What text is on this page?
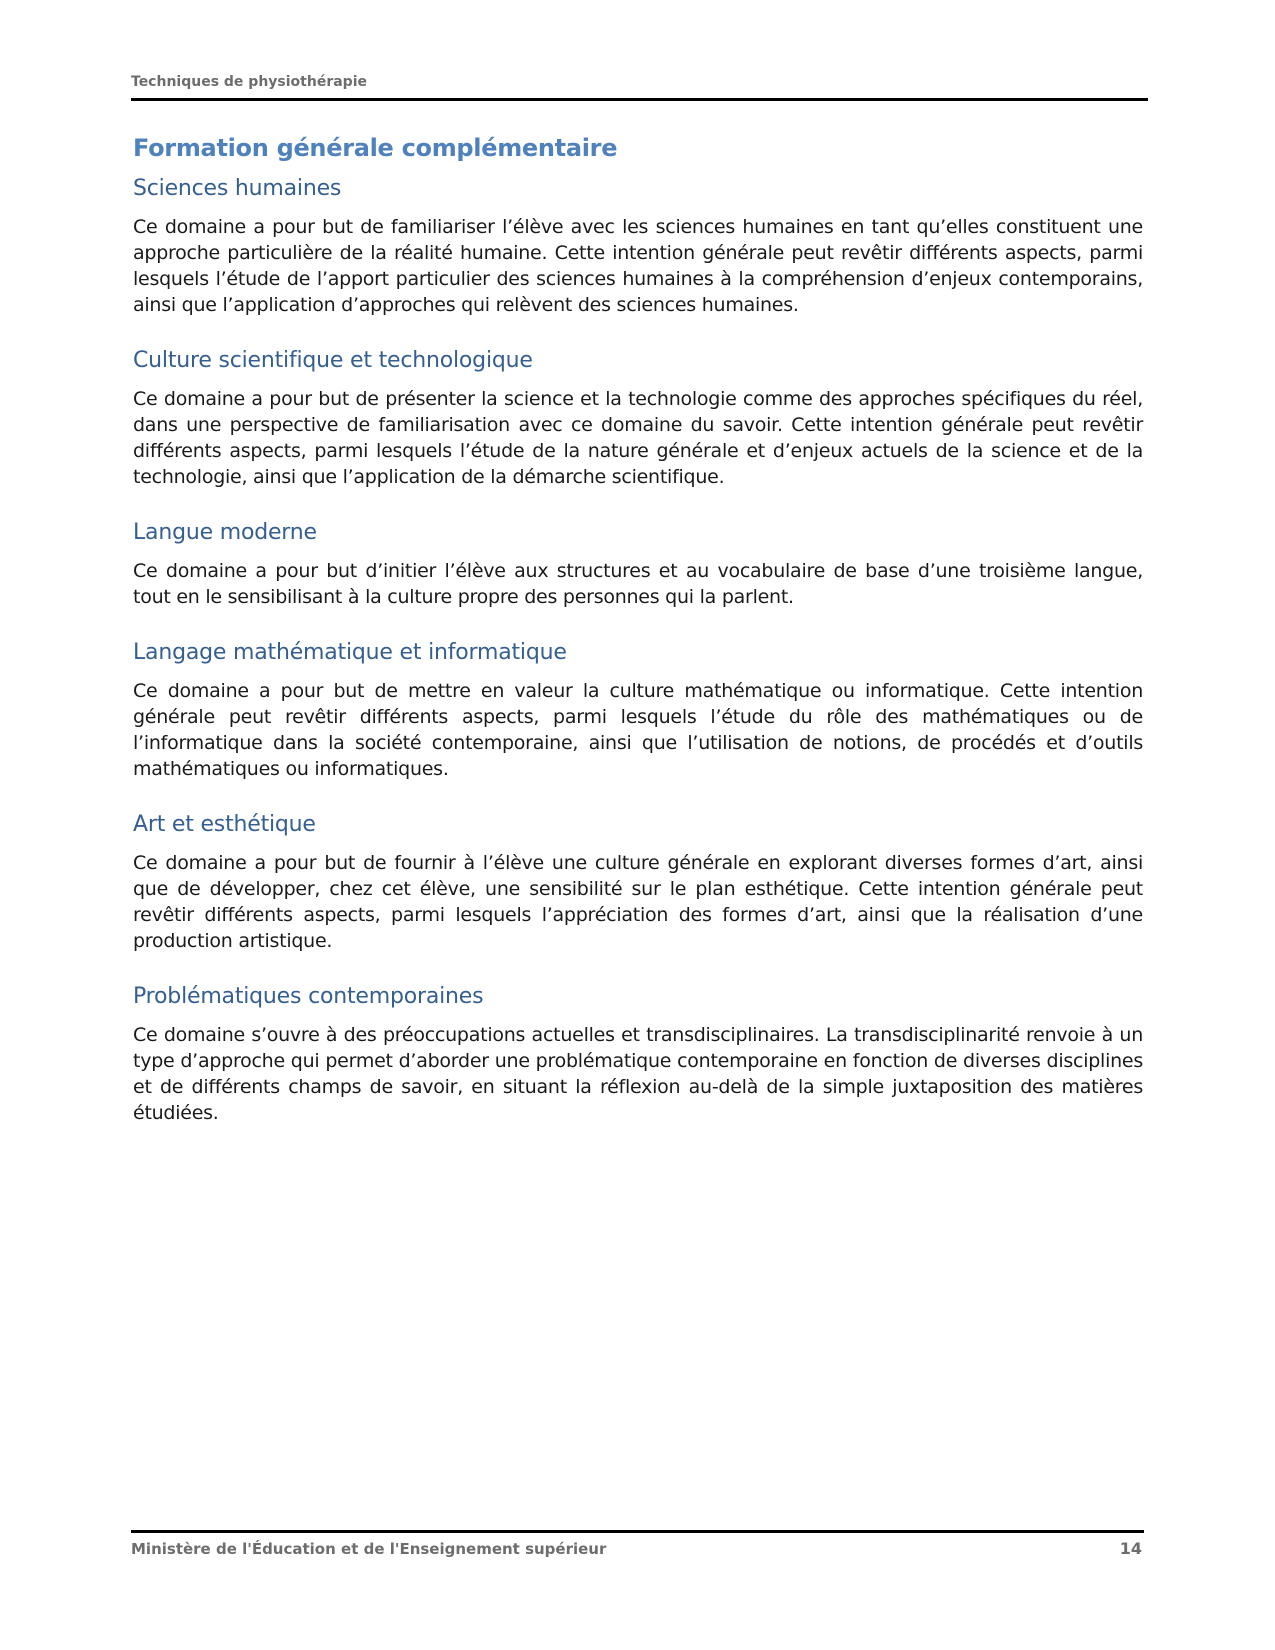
Techniques de physiothérapie
Formation générale complémentaire
Sciences humaines

Ce domaine a pour but de familiariser l’élève avec les sciences humaines en tant qu’elles constituent une approche particulière de la réalité humaine. Cette intention générale peut revêtir différents aspects, parmi lesquels l’étude de l’apport particulier des sciences humaines à la compréhension d’enjeux contemporains, ainsi que l’application d’approches qui relèvent des sciences humaines.

Culture scientifique et technologique

Ce domaine a pour but de présenter la science et la technologie comme des approches spécifiques du réel, dans une perspective de familiarisation avec ce domaine du savoir. Cette intention générale peut revêtir différents aspects, parmi lesquels l’étude de la nature générale et d’enjeux actuels de la science et de la technologie, ainsi que l’application de la démarche scientifique.

Langue moderne

Ce domaine a pour but d’initier l’élève aux structures et au vocabulaire de base d’une troisième langue, tout en le sensibilisant à la culture propre des personnes qui la parlent.

Langage mathématique et informatique

Ce domaine a pour but de mettre en valeur la culture mathématique ou informatique. Cette intention générale peut revêtir différents aspects, parmi lesquels l’étude du rôle des mathématiques ou de l’informatique dans la société contemporaine, ainsi que l’utilisation de notions, de procédés et d’outils mathématiques ou informatiques.

Art et esthétique

Ce domaine a pour but de fournir à l’élève une culture générale en explorant diverses formes d’art, ainsi que de développer, chez cet élève, une sensibilité sur le plan esthétique. Cette intention générale peut revêtir différents aspects, parmi lesquels l’appréciation des formes d’art, ainsi que la réalisation d’une production artistique.

Problématiques contemporaines

Ce domaine s’ouvre à des préoccupations actuelles et transdisciplinaires. La transdisciplinarité renvoie à un type d’approche qui permet d’aborder une problématique contemporaine en fonction de diverses disciplines et de différents champs de savoir, en situant la réflexion au-delà de la simple juxtaposition des matières étudiées.

Ministère de l'Éducation et de l'Enseignement supérieur	14
